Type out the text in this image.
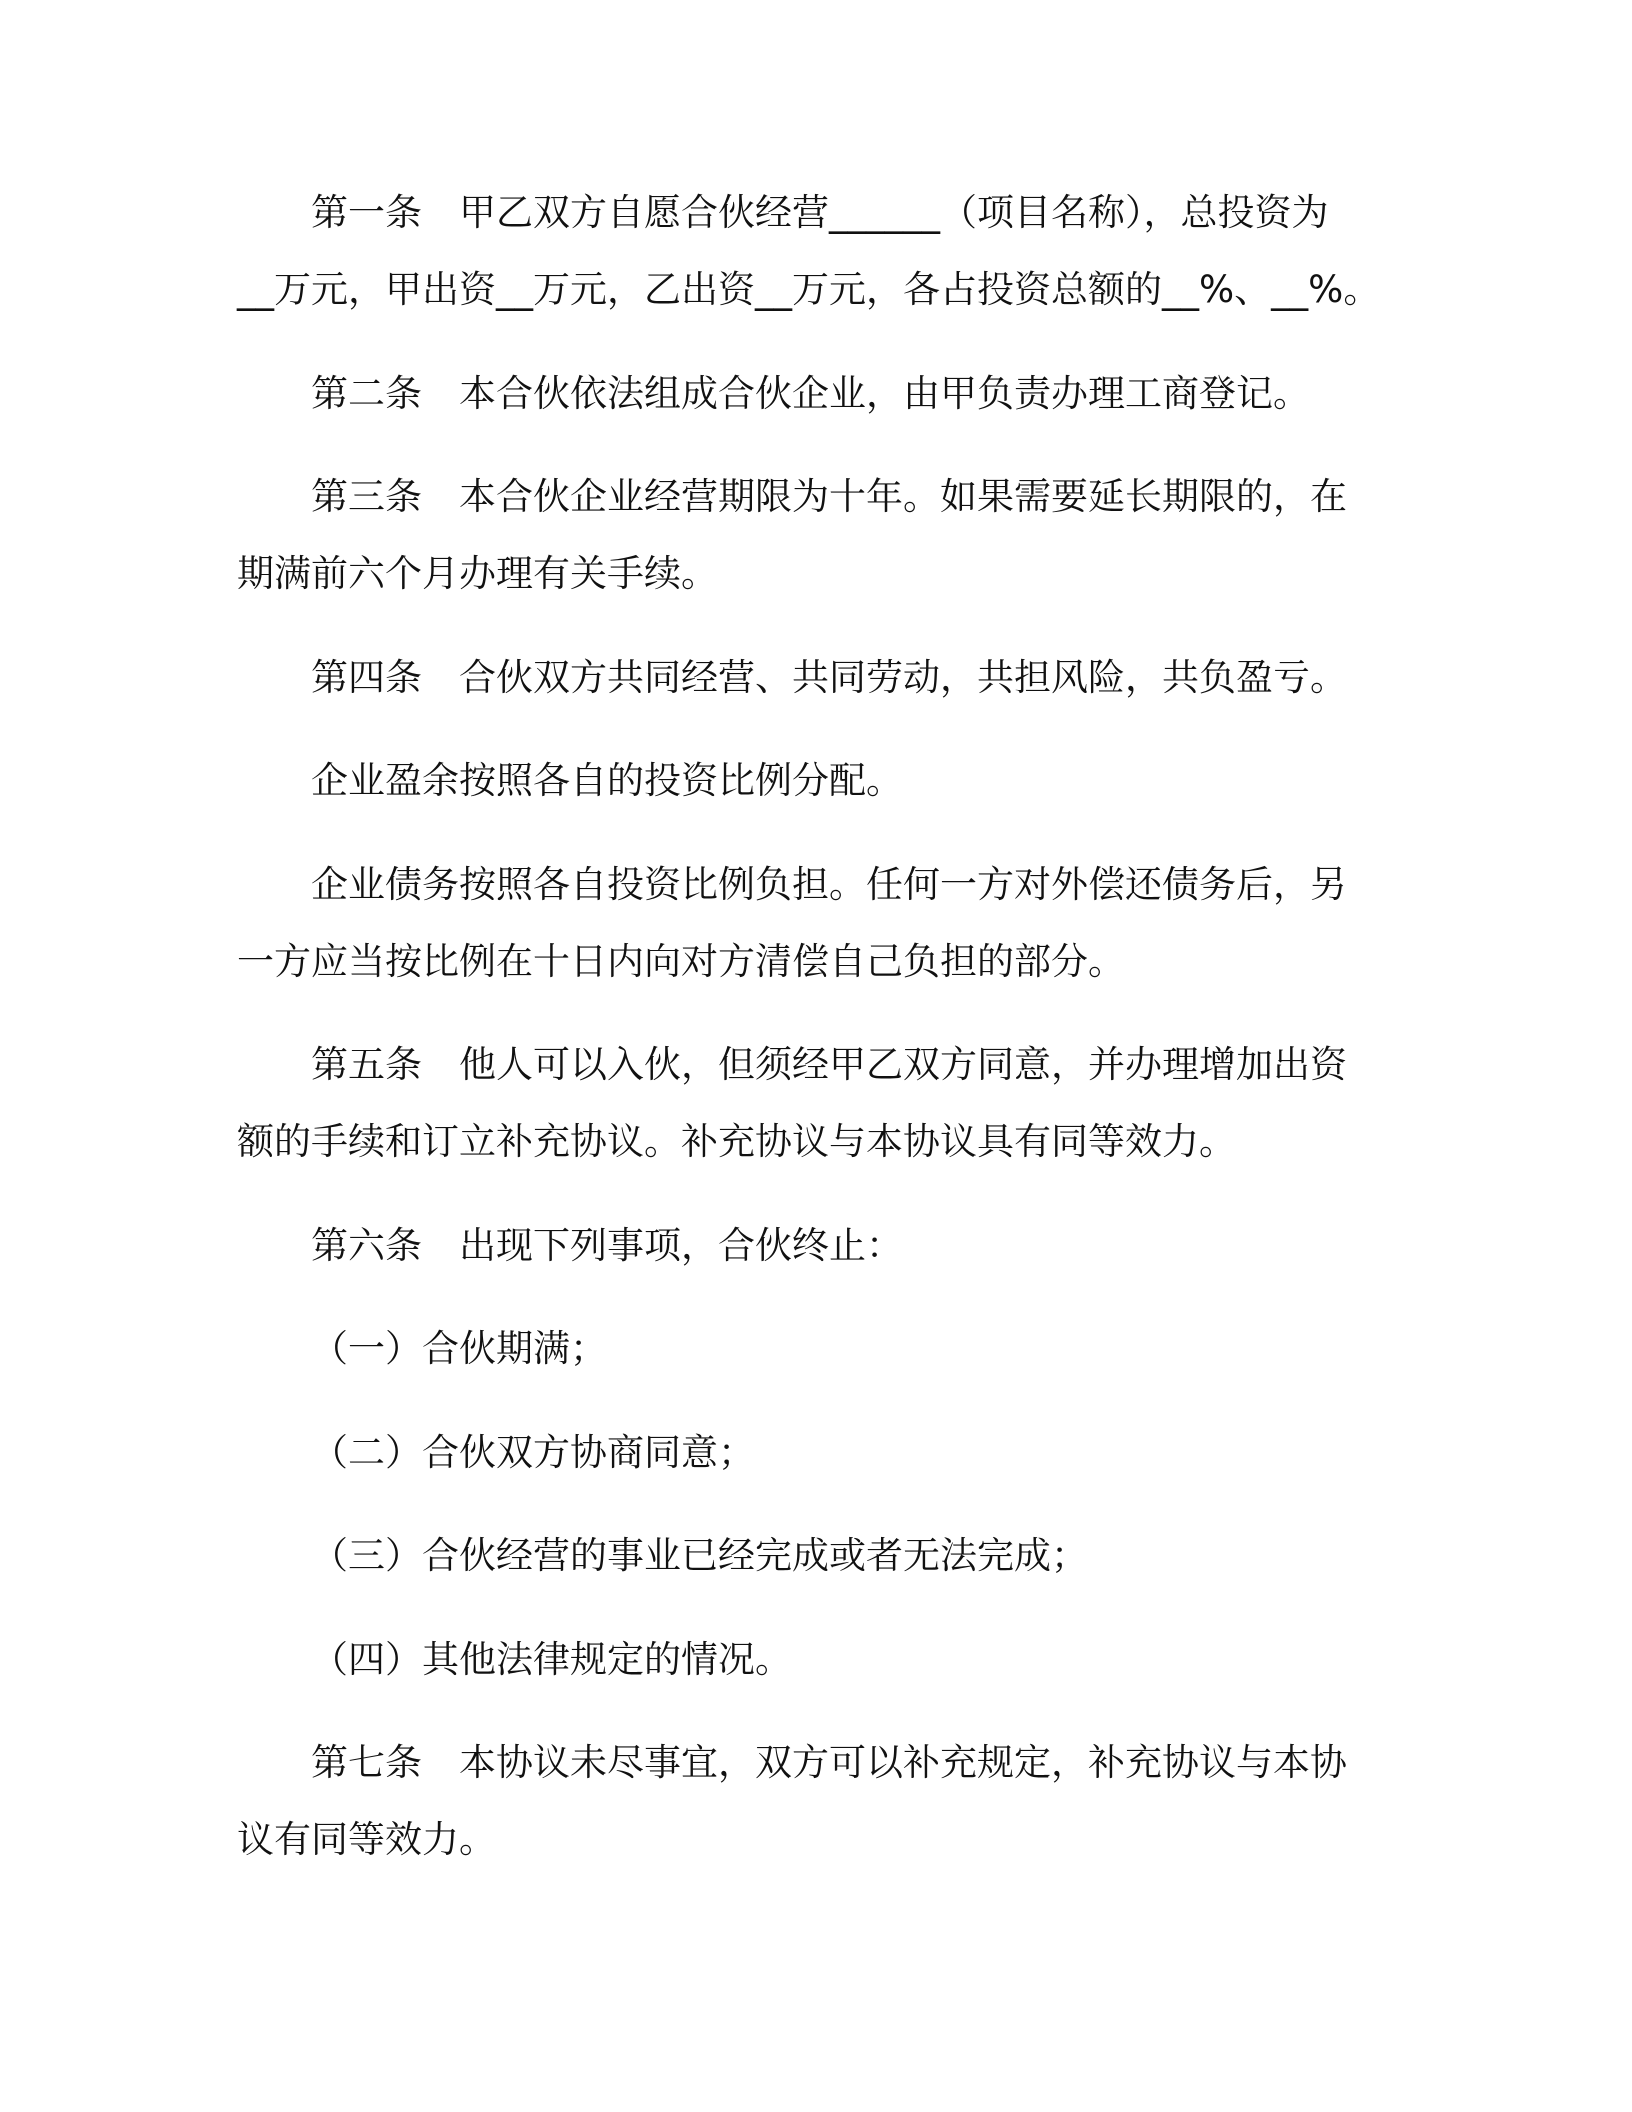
第一条　甲乙双方自愿合伙经营______（项目名称），总投资为
__万元，甲出资__万元，乙出资__万元，各占投资总额的__%、__%。
第二条　本合伙依法组成合伙企业，由甲负责办理工商登记。
第三条　本合伙企业经营期限为十年。如果需要延长期限的，在
期满前六个月办理有关手续。
第四条　合伙双方共同经营、共同劳动，共担风险，共负盈亏。
企业盈余按照各自的投资比例分配。
企业债务按照各自投资比例负担。任何一方对外偿还债务后，另
一方应当按比例在十日内向对方清偿自己负担的部分。
第五条　他人可以入伙，但须经甲乙双方同意，并办理增加出资
额的手续和订立补充协议。补充协议与本协议具有同等效力。
第六条　出现下列事项，合伙终止：
（一）合伙期满；
（二）合伙双方协商同意；
（三）合伙经营的事业已经完成或者无法完成；
（四）其他法律规定的情况。
第七条　本协议未尽事宜，双方可以补充规定，补充协议与本协
议有同等效力。
